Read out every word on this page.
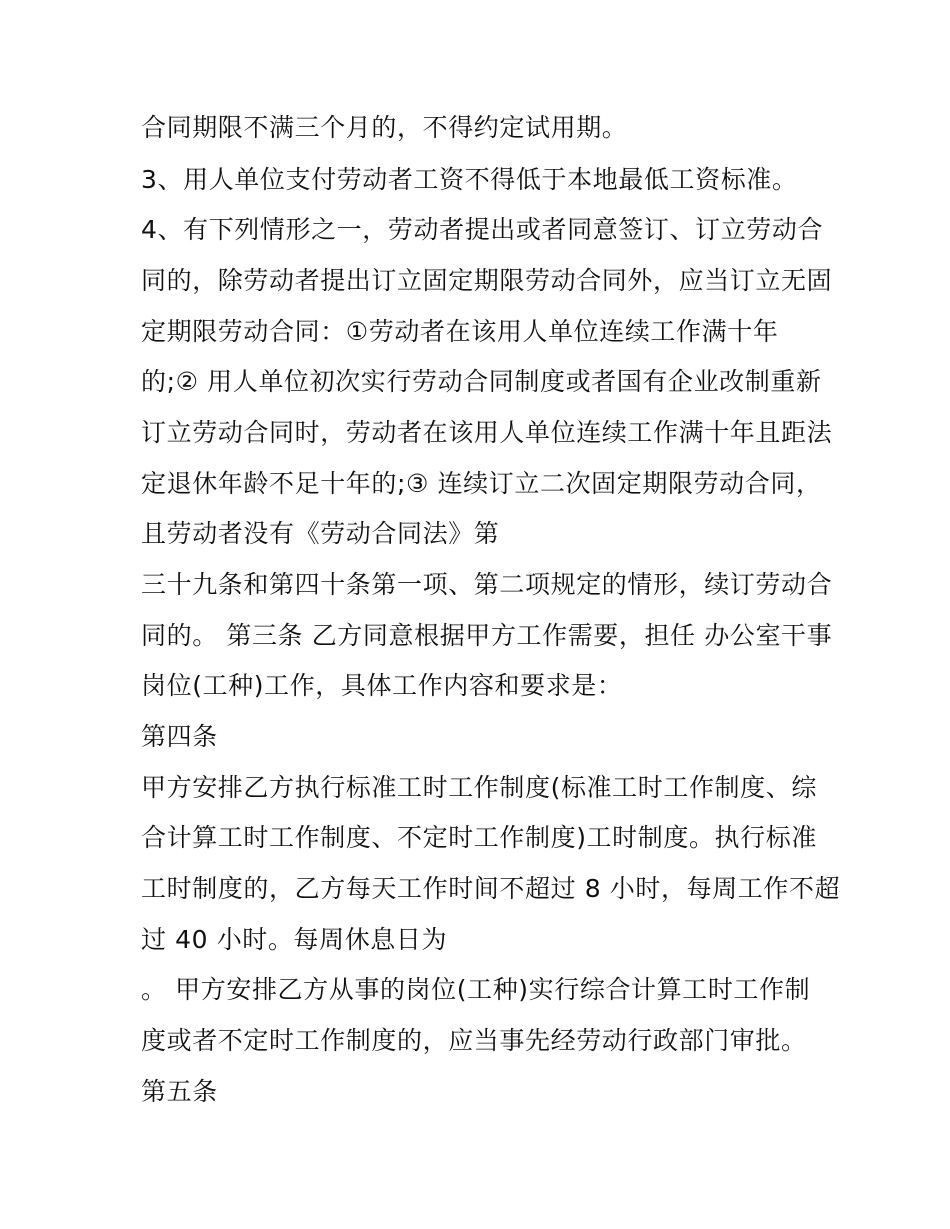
合同期限不满三个月的，不得约定试用期。
3、用人单位支付劳动者工资不得低于本地最低工资标准。
4、有下列情形之一，劳动者提出或者同意签订、订立劳动合
同的，除劳动者提出订立固定期限劳动合同外，应当订立无固
定期限劳动合同：①劳动者在该用人单位连续工作满十年
的;② 用人单位初次实行劳动合同制度或者国有企业改制重新
订立劳动合同时，劳动者在该用人单位连续工作满十年且距法
定退休年龄不足十年的;③ 连续订立二次固定期限劳动合同，
且劳动者没有《劳动合同法》第
三十九条和第四十条第一项、第二项规定的情形，续订劳动合
同的。 第三条 乙方同意根据甲方工作需要，担任 办公室干事
岗位(工种)工作，具体工作内容和要求是：
第四条
甲方安排乙方执行标准工时工作制度(标准工时工作制度、综
合计算工时工作制度、不定时工作制度)工时制度。执行标准
工时制度的，乙方每天工作时间不超过 8 小时，每周工作不超
过 40 小时。每周休息日为
。 甲方安排乙方从事的岗位(工种)实行综合计算工时工作制
度或者不定时工作制度的，应当事先经劳动行政部门审批。
第五条
